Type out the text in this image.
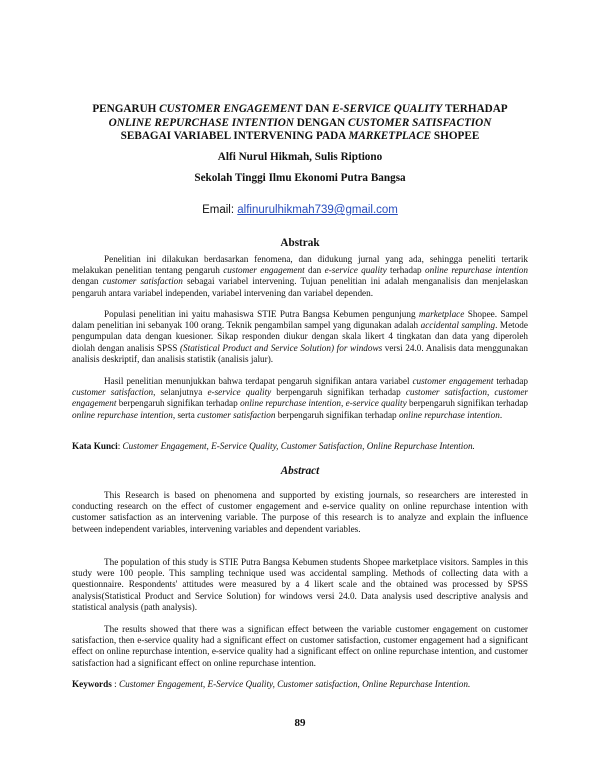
PENGARUH CUSTOMER ENGAGEMENT DAN E-SERVICE QUALITY TERHADAP
ONLINE REPURCHASE INTENTION DENGAN CUSTOMER SATISFACTION
SEBAGAI VARIABEL INTERVENING PADA MARKETPLACE SHOPEE
Alfi Nurul Hikmah, Sulis Riptiono
Sekolah Tinggi Ilmu Ekonomi Putra Bangsa
Email: alfinurulhikmah739@gmail.com
Abstrak

Penelitian ini dilakukan berdasarkan fenomena, dan didukung jurnal yang ada, sehingga peneliti tertarik melakukan penelitian tentang pengaruh customer engagement dan e-service quality terhadap online repurchase intention dengan customer satisfaction sebagai variabel intervening. Tujuan penelitian ini adalah menganalisis dan menjelaskan pengaruh antara variabel independen, variabel intervening dan variabel dependen.

Populasi penelitian ini yaitu mahasiswa STIE Putra Bangsa Kebumen pengunjung marketplace Shopee. Sampel dalam penelitian ini sebanyak 100 orang. Teknik pengambilan sampel yang digunakan adalah accidental sampling. Metode pengumpulan data dengan kuesioner. Sikap responden diukur dengan skala likert 4 tingkatan dan data yang diperoleh diolah dengan analisis SPSS (Statistical Product and Service Solution) for windows versi 24.0. Analisis data menggunakan analisis deskriptif, dan analisis statistik (analisis jalur).

Hasil penelitian menunjukkan bahwa terdapat pengaruh signifikan antara variabel customer engagement terhadap customer satisfaction, selanjutnya e-service quality berpengaruh signifikan terhadap customer satisfaction, customer engagement berpengaruh signifikan terhadap online repurchase intention, e-service quality berpengaruh signifikan terhadap online repurchase intention, serta customer satisfaction berpengaruh signifikan terhadap online repurchase intention.

Kata Kunci: Customer Engagement, E-Service Quality, Customer Satisfaction, Online Repurchase Intention.

Abstract

This Research is based on phenomena and supported by existing journals, so researchers are interested in conducting research on the effect of customer engagement and e-service quality on online repurchase intention with customer satisfaction as an intervening variable. The purpose of this research is to analyze and explain the influence between independent variables, intervening variables and dependent variables.

The population of this study is STIE Putra Bangsa Kebumen students Shopee marketplace visitors. Samples in this study were 100 people. This sampling technique used was accidental sampling. Methods of collecting data with a questionnaire. Respondents' attitudes were measured by a 4 likert scale and the obtained was processed by SPSS analysis(Statistical Product and Service Solution) for windows versi 24.0. Data analysis used descriptive analysis and statistical analysis (path analysis).

The results showed that there was a significan effect between the variable customer engagement on customer satisfaction, then e-service quality had a significant effect on customer satisfaction, customer engagement had a significant effect on online repurchase intention, e-service quality had a significant effect on online repurchase intention, and customer satisfaction had a significant effect on online repurchase intention.

Keywords : Customer Engagement, E-Service Quality, Customer satisfaction, Online Repurchase Intention.

89
